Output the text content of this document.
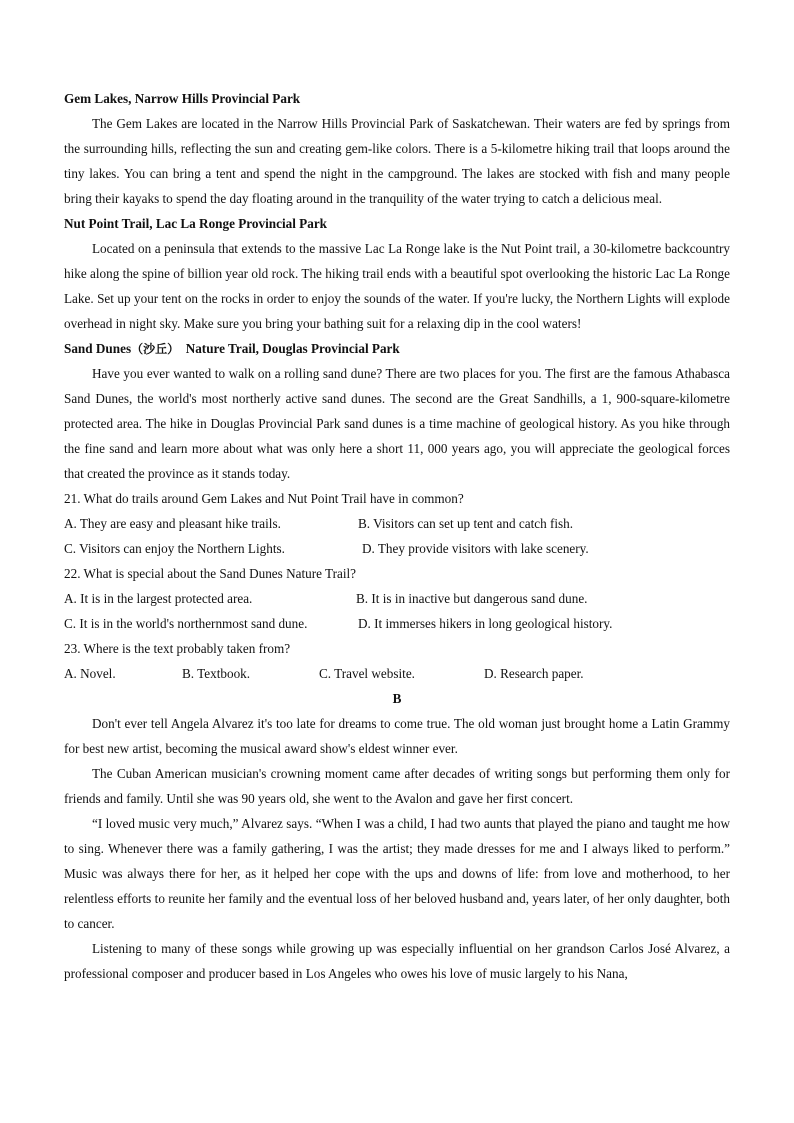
Gem Lakes, Narrow Hills Provincial Park

The Gem Lakes are located in the Narrow Hills Provincial Park of Saskatchewan. Their waters are fed by springs from the surrounding hills, reflecting the sun and creating gem-like colors. There is a 5-kilometre hiking trail that loops around the tiny lakes. You can bring a tent and spend the night in the campground. The lakes are stocked with fish and many people bring their kayaks to spend the day floating around in the tranquility of the water trying to catch a delicious meal.

Nut Point Trail, Lac La Ronge Provincial Park

Located on a peninsula that extends to the massive Lac La Ronge lake is the Nut Point trail, a 30-kilometre backcountry hike along the spine of billion year old rock. The hiking trail ends with a beautiful spot overlooking the historic Lac La Ronge Lake. Set up your tent on the rocks in order to enjoy the sounds of the water. If you're lucky, the Northern Lights will explode overhead in night sky. Make sure you bring your bathing suit for a relaxing dip in the cool waters!

Sand Dunes（沙丘） Nature Trail, Douglas Provincial Park

Have you ever wanted to walk on a rolling sand dune? There are two places for you. The first are the famous Athabasca Sand Dunes, the world's most northerly active sand dunes. The second are the Great Sandhills, a 1, 900-square-kilometre protected area. The hike in Douglas Provincial Park sand dunes is a time machine of geological history. As you hike through the fine sand and learn more about what was only here a short 11, 000 years ago, you will appreciate the geological forces that created the province as it stands today.

21. What do trails around Gem Lakes and Nut Point Trail have in common?
A. They are easy and pleasant hike trails.	B. Visitors can set up tent and catch fish.
C. Visitors can enjoy the Northern Lights.	D. They provide visitors with lake scenery.
22. What is special about the Sand Dunes Nature Trail?
A. It is in the largest protected area.	B. It is in inactive but dangerous sand dune.
C. It is in the world's northernmost sand dune.	D. It immerses hikers in long geological history.
23. Where is the text probably taken from?
A. Novel.	B. Textbook.	C. Travel website.	D. Research paper.
B

Don't ever tell Angela Alvarez it's too late for dreams to come true. The old woman just brought home a Latin Grammy for best new artist, becoming the musical award show's eldest winner ever.

The Cuban American musician's crowning moment came after decades of writing songs but performing them only for friends and family. Until she was 90 years old, she went to the Avalon and gave her first concert.

“I loved music very much,” Alvarez says. “When I was a child, I had two aunts that played the piano and taught me how to sing. Whenever there was a family gathering, I was the artist; they made dresses for me and I always liked to perform.” Music was always there for her, as it helped her cope with the ups and downs of life: from love and motherhood, to her relentless efforts to reunite her family and the eventual loss of her beloved husband and, years later, of her only daughter, both to cancer.

Listening to many of these songs while growing up was especially influential on her grandson Carlos José Alvarez, a professional composer and producer based in Los Angeles who owes his love of music largely to his Nana,
